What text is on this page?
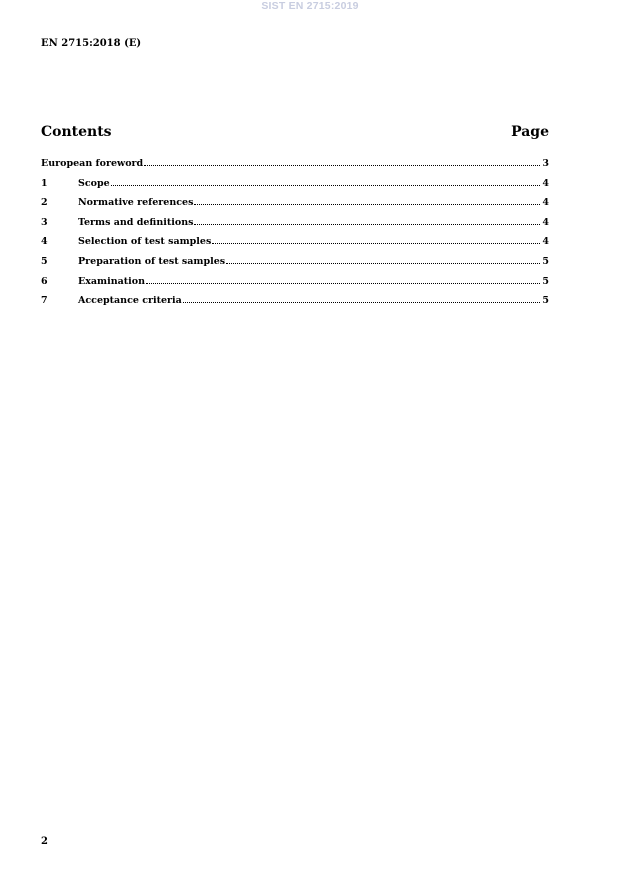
SIST EN 2715:2019
EN 2715:2018 (E)
Contents	Page
European foreword	3
1	Scope	4
2	Normative references	4
3	Terms and definitions	4
4	Selection of test samples	4
5	Preparation of test samples	5
6	Examination	5
7	Acceptance criteria	5
2
